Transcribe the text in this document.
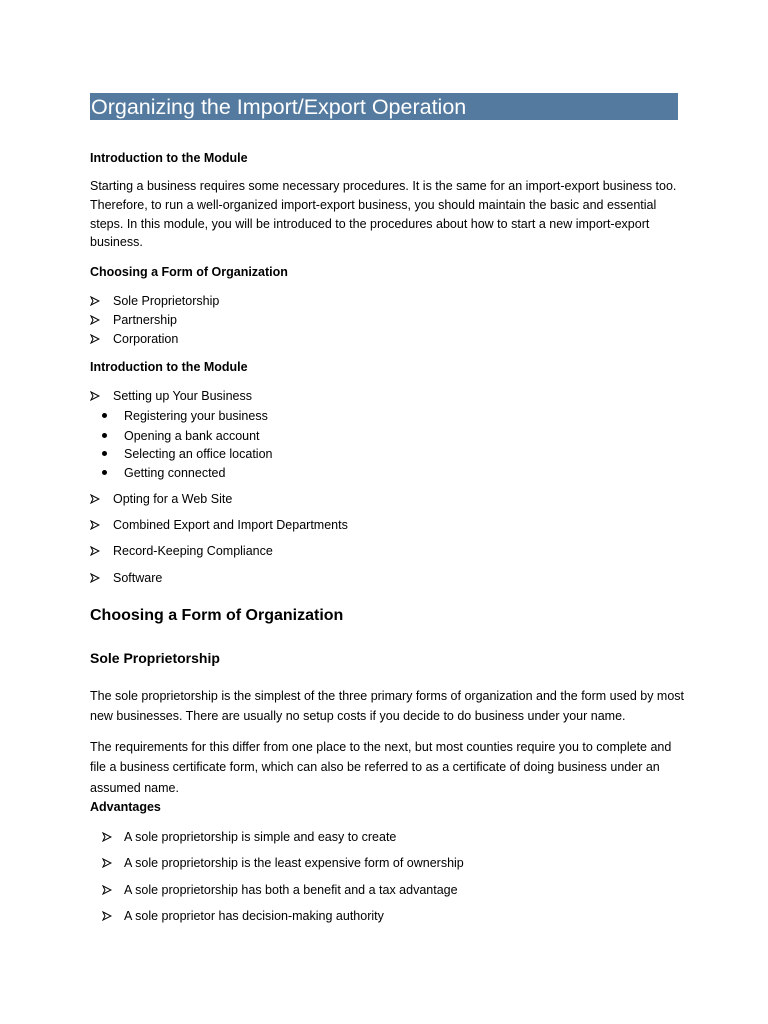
Organizing the Import/Export Operation
Introduction to the Module
Starting a business requires some necessary procedures. It is the same for an import-export business too. Therefore, to run a well-organized import-export business, you should maintain the basic and essential steps. In this module, you will be introduced to the procedures about how to start a new import-export business.
Choosing a Form of Organization
Sole Proprietorship
Partnership
Corporation
Introduction to the Module
Setting up Your Business
Registering your business
Opening a bank account
Selecting an office location
Getting connected
Opting for a Web Site
Combined Export and Import Departments
Record-Keeping Compliance
Software
Choosing a Form of Organization
Sole Proprietorship
The sole proprietorship is the simplest of the three primary forms of organization and the form used by most new businesses. There are usually no setup costs if you decide to do business under your name.
The requirements for this differ from one place to the next, but most counties require you to complete and file a business certificate form, which can also be referred to as a certificate of doing business under an assumed name.
Advantages
A sole proprietorship is simple and easy to create
A sole proprietorship is the least expensive form of ownership
A sole proprietorship has both a benefit and a tax advantage
A sole proprietor has decision-making authority
